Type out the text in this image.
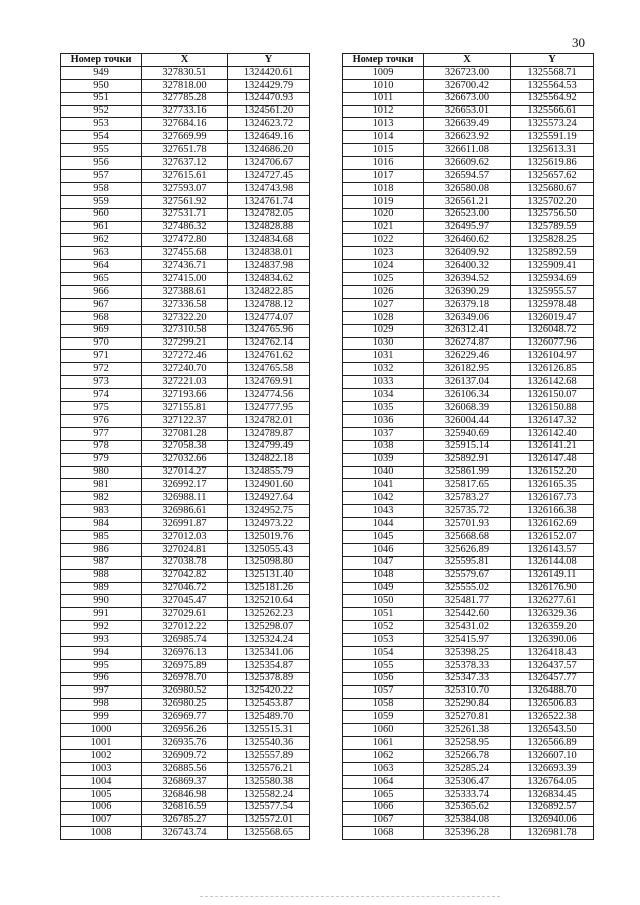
30
Номер точки	X	Y
949	327830.51	1324420.61
950	327818.00	1324429.79
951	327785.28	1324470.93
952	327733.16	1324561.20
953	327684.16	1324623.72
954	327669.99	1324649.16
955	327651.78	1324686.20
956	327637.12	1324706.67
957	327615.61	1324727.45
958	327593.07	1324743.98
959	327561.92	1324761.74
960	327531.71	1324782.05
961	327486.32	1324828.88
962	327472.80	1324834.68
963	327455.68	1324838.01
964	327436.71	1324837.98
965	327415.00	1324834.62
966	327388.61	1324822.85
967	327336.58	1324788.12
968	327322.20	1324774.07
969	327310.58	1324765.96
970	327299.21	1324762.14
971	327272.46	1324761.62
972	327240.70	1324765.58
973	327221.03	1324769.91
974	327193.66	1324774.56
975	327155.81	1324777.95
976	327122.37	1324782.01
977	327081.28	1324789.87
978	327058.38	1324799.49
979	327032.66	1324822.18
980	327014.27	1324855.79
981	326992.17	1324901.60
982	326988.11	1324927.64
983	326986.61	1324952.75
984	326991.87	1324973.22
985	327012.03	1325019.76
986	327024.81	1325055.43
987	327038.78	1325098.80
988	327042.82	1325131.40
989	327046.72	1325181.26
990	327045.47	1325210.64
991	327029.61	1325262.23
992	327012.22	1325298.07
993	326985.74	1325324.24
994	326976.13	1325341.06
995	326975.89	1325354.87
996	326978.70	1325378.89
997	326980.52	1325420.22
998	326980.25	1325453.87
999	326969.77	1325489.70
1000	326956.26	1325515.31
1001	326935.76	1325540.36
1002	326909.72	1325557.89
1003	326885.56	1325576.21
1004	326869.37	1325580.38
1005	326846.98	1325582.24
1006	326816.59	1325577.54
1007	326785.27	1325572.01
1008	326743.74	1325568.65
Номер точки	X	Y
1009	326723.00	1325568.71
1010	326700.42	1325564.53
1011	326673.00	1325564.92
1012	326653.01	1325566.61
1013	326639.49	1325573.24
1014	326623.92	1325591.19
1015	326611.08	1325613.31
1016	326609.62	1325619.86
1017	326594.57	1325657.62
1018	326580.08	1325680.67
1019	326561.21	1325702.20
1020	326523.00	1325756.50
1021	326495.97	1325789.59
1022	326460.62	1325828.25
1023	326409.92	1325892.59
1024	326400.32	1325909.41
1025	326394.52	1325934.69
1026	326390.29	1325955.57
1027	326379.18	1325978.48
1028	326349.06	1326019.47
1029	326312.41	1326048.72
1030	326274.87	1326077.96
1031	326229.46	1326104.97
1032	326182.95	1326126.85
1033	326137.04	1326142.68
1034	326106.34	1326150.07
1035	326068.39	1326150.88
1036	326004.44	1326147.32
1037	325940.69	1326142.40
1038	325915.14	1326141.21
1039	325892.91	1326147.48
1040	325861.99	1326152.20
1041	325817.65	1326165.35
1042	325783.27	1326167.73
1043	325735.72	1326166.38
1044	325701.93	1326162.69
1045	325668.68	1326152.07
1046	325626.89	1326143.57
1047	325595.81	1326144.08
1048	325579.67	1326149.11
1049	325555.02	1326176.90
1050	325481.77	1326277.61
1051	325442.60	1326329.36
1052	325431.02	1326359.20
1053	325415.97	1326390.06
1054	325398.25	1326418.43
1055	325378.33	1326437.57
1056	325347.33	1326457.77
1057	325310.70	1326488.70
1058	325290.84	1326506.83
1059	325270.81	1326522.38
1060	325261.38	1326543.50
1061	325258.95	1326566.89
1062	325266.78	1326607.10
1063	325285.24	1326693.39
1064	325306.47	1326764.05
1065	325333.74	1326834.45
1066	325365.62	1326892.57
1067	325384.08	1326940.06
1068	325396.28	1326981.78
